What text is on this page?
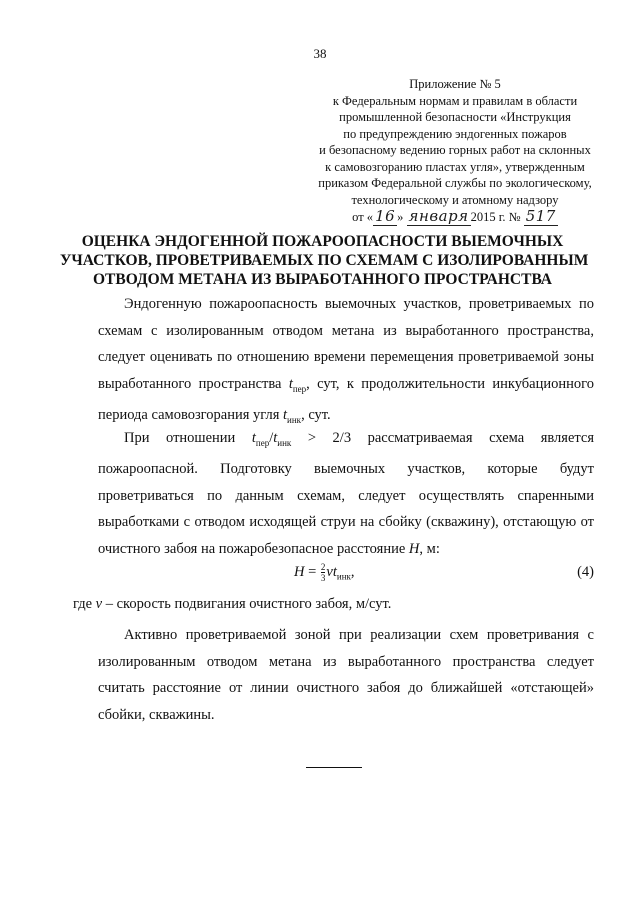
38
Приложение № 5
к Федеральным нормам и правилам в области
промышленной безопасности «Инструкция
по предупреждению эндогенных пожаров
и безопасному ведению горных работ на склонных
к самовозгоранию пластах угля», утвержденным
приказом Федеральной службы по экологическому,
технологическому и атомному надзору
от « 16 » января 2015 г. № 517
ОЦЕНКА ЭНДОГЕННОЙ ПОЖАРООПАСНОСТИ ВЫЕМОЧНЫХ
УЧАСТКОВ, ПРОВЕТРИВАЕМЫХ ПО СХЕМАМ С ИЗОЛИРОВАННЫМ
ОТВОДОМ МЕТАНА ИЗ ВЫРАБОТАННОГО ПРОСТРАНСТВА
Эндогенную пожароопасность выемочных участков, проветриваемых по
схемам с изолированным отводом метана из выработанного пространства,
следует оценивать по отношению времени перемещения проветриваемой зоны
выработанного пространства $t_{пер}$, сут, к продолжительности инкубационного
периода самовозгорания угля $t_{инк}$, сут.
При    отношении    $t_{пер}/t_{инк}$    >    2/3    рассматриваемая    схема    является
пожароопасной. Подготовку выемочных участков, которые будут
проветриваться по данным схемам, следует осуществлять спаренными
выработками с отводом исходящей струи на сбойку (скважину), отстающую от
очистного забоя на пожаробезопасное расстояние H, м:
$H = \frac{2}{3} vt_{инк}$,	(4)
где v – скорость подвигания очистного забоя, м/сут.
Активно проветриваемой зоной при реализации схем проветривания с
изолированным отводом метана из выработанного пространства следует
считать расстояние от линии очистного забоя до ближайшей «отстающей»
сбойки, скважины.
